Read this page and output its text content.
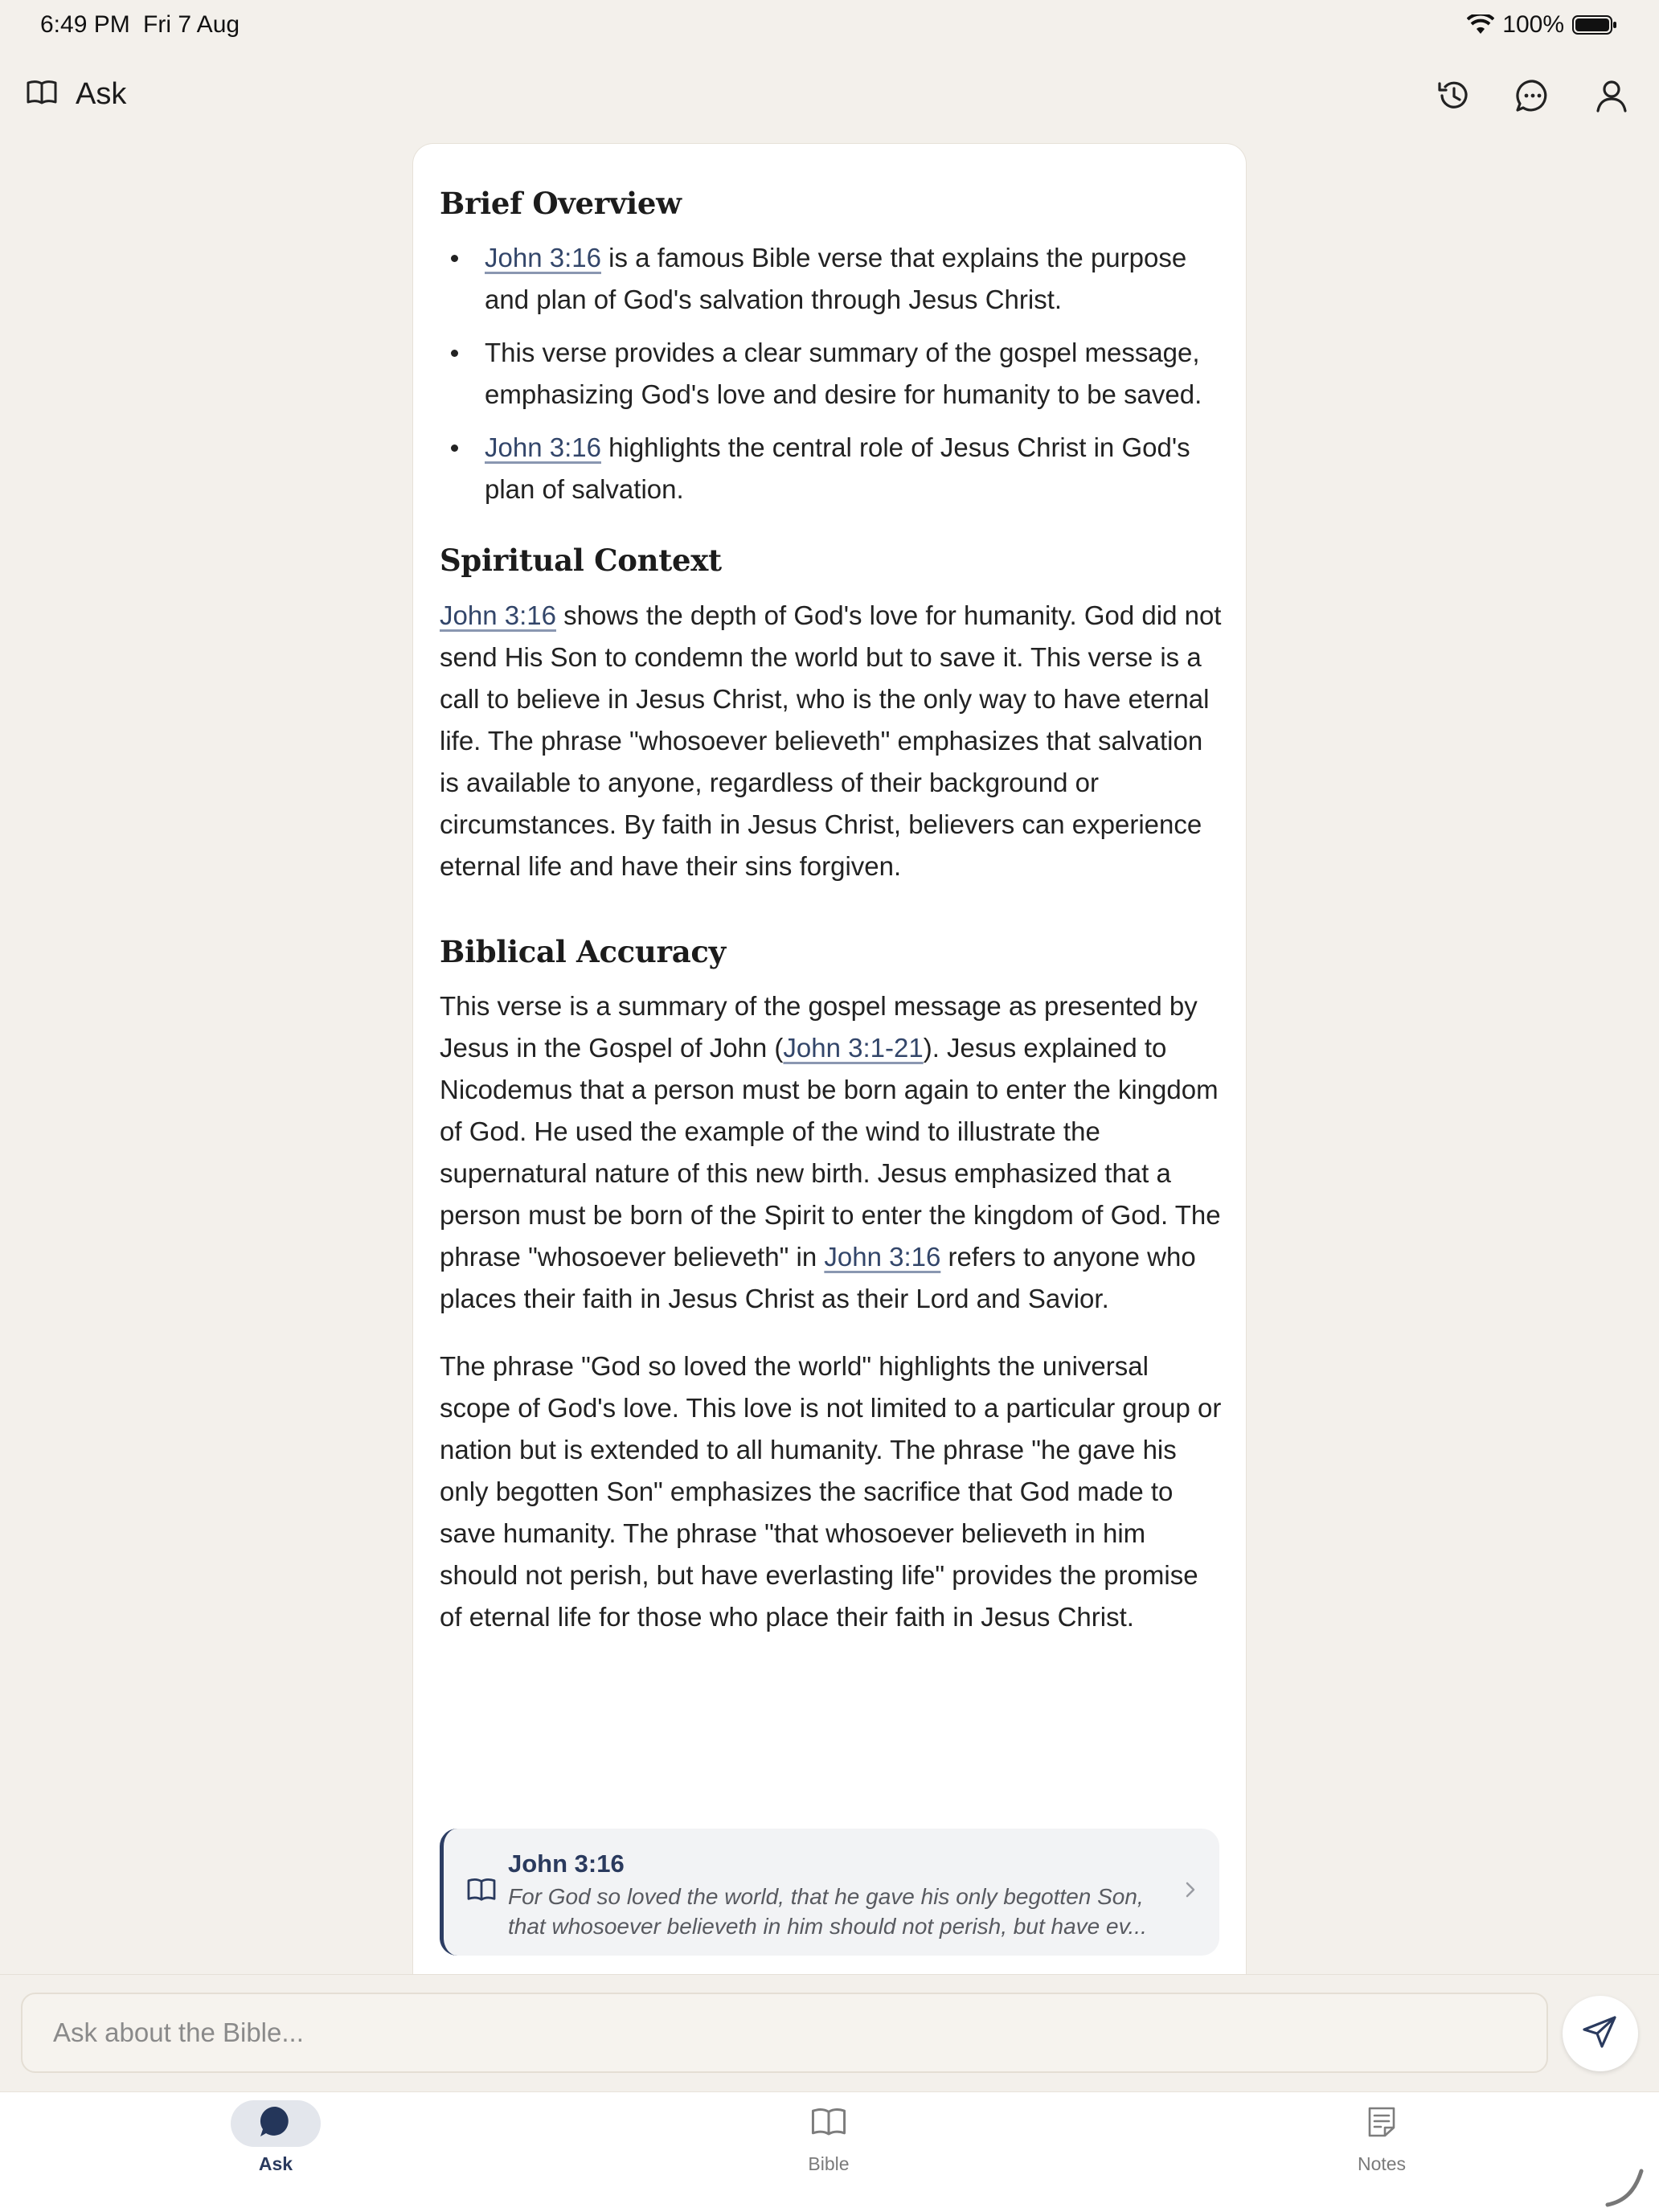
6:49 PM Fri 7 Aug	100%
Ask
Brief Overview
John 3:16 is a famous Bible verse that explains the purpose and plan of God's salvation through Jesus Christ.
This verse provides a clear summary of the gospel message, emphasizing God's love and desire for humanity to be saved.
John 3:16 highlights the central role of Jesus Christ in God's plan of salvation.
Spiritual Context

John 3:16 shows the depth of God's love for humanity. God did not send His Son to condemn the world but to save it. This verse is a call to believe in Jesus Christ, who is the only way to have eternal life. The phrase "whosoever believeth" emphasizes that salvation is available to anyone, regardless of their background or circumstances. By faith in Jesus Christ, believers can experience eternal life and have their sins forgiven.

Biblical Accuracy

This verse is a summary of the gospel message as presented by Jesus in the Gospel of John (John 3:1-21). Jesus explained to Nicodemus that a person must be born again to enter the kingdom of God. He used the example of the wind to illustrate the supernatural nature of this new birth. Jesus emphasized that a person must be born of the Spirit to enter the kingdom of God. The phrase "whosoever believeth" in John 3:16 refers to anyone who places their faith in Jesus Christ as their Lord and Savior.

The phrase "God so loved the world" highlights the universal scope of God's love. This love is not limited to a particular group or nation but is extended to all humanity. The phrase "he gave his only begotten Son" emphasizes the sacrifice that God made to save humanity. The phrase "that whosoever believeth in him should not perish, but have everlasting life" provides the promise of eternal life for those who place their faith in Jesus Christ.

John 3:16
For God so loved the world, that he gave his only begotten Son, that whosoever believeth in him should not perish, but have ev...
Ask about the Bible...
Ask	Bible	Notes
